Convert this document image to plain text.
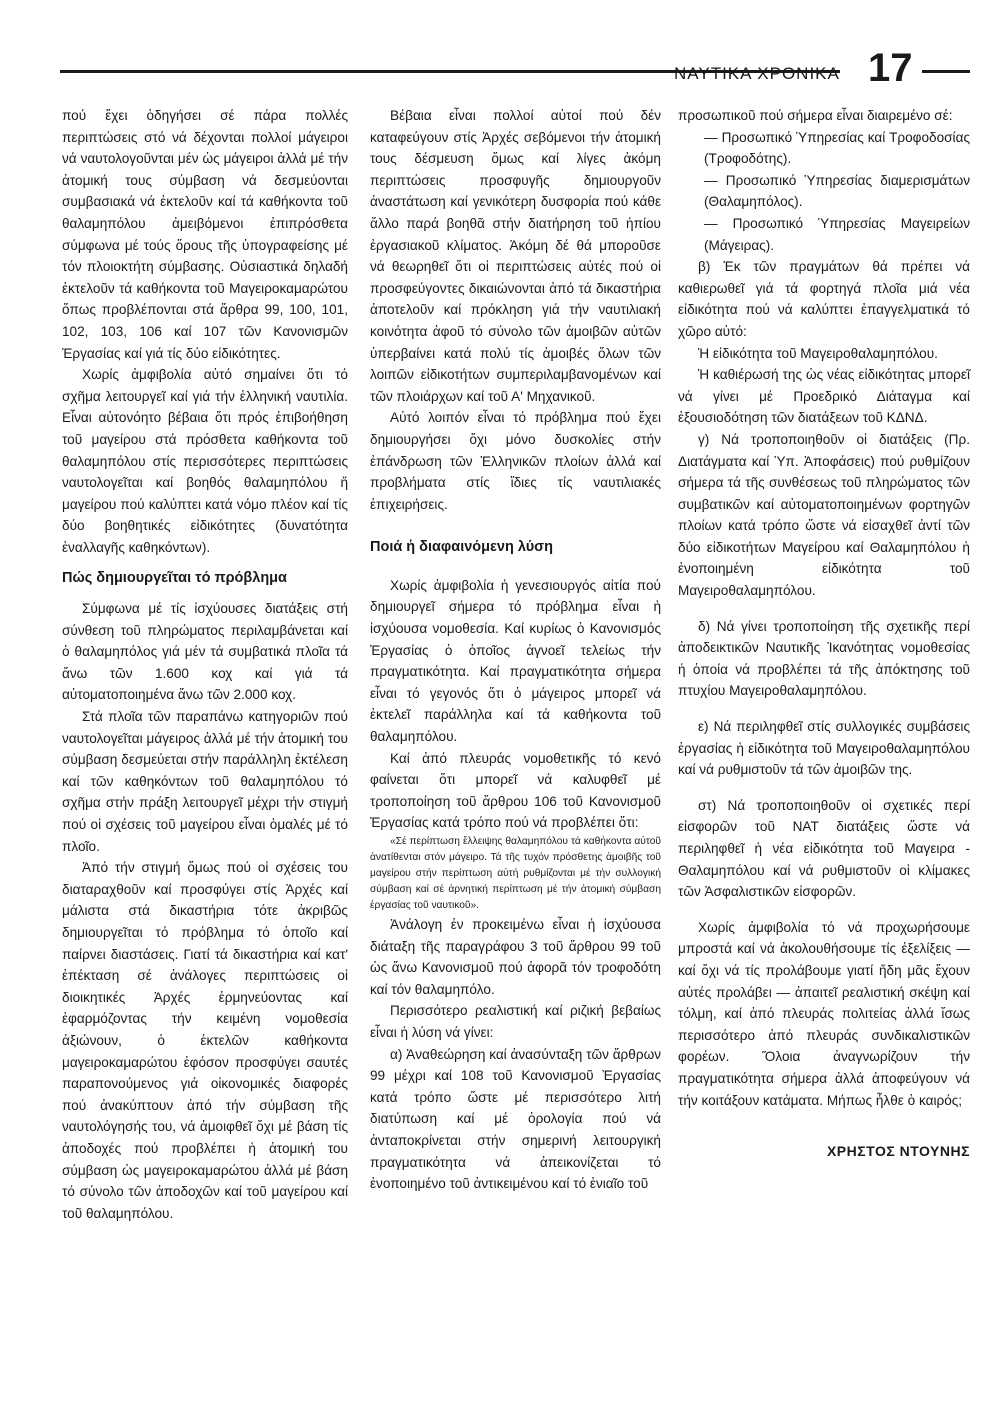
ΝΑΥΤΙΚΑ ΧΡΟΝΙΚΑ 17

πού ἔχει ὁδηγήσει σέ πάρα πολλές περιπτώσεις στό νά δέχονται πολλοί μάγειροι νά ναυτολογοῦνται μέν ὡς μάγειροι ἀλλά μέ τήν ἀτομική τους σύμβαση νά δεσμεύονται συμβασιακά νά ἐκτελοῦν καί τά καθήκοντα τοῦ θαλαμηπόλου ἀμειβόμενοι ἐπιπρόσθετα σύμφωνα μέ τούς ὅρους τῆς ὑπογραφείσης μέ τόν πλοιοκτήτη σύμβασης. Οὐσιαστικά δηλαδή ἐκτελοῦν τά καθήκοντα τοῦ Μαγειροκαμαρώτου ὅπως προβλέπονται στά ἄρθρα 99, 100, 101, 102, 103, 106 καί 107 τῶν Κανονισμῶν Ἐργασίας καί γιά τίς δύο εἰδικότητες.

Χωρίς ἀμφιβολία αὐτό σημαίνει ὅτι τό σχῆμα λειτουργεῖ καί γιά τήν ἑλληνική ναυτιλία. Εἶναι αὐτονόητο βέβαια ὅτι πρός ἐπιβοήθηση τοῦ μαγείρου στά πρόσθετα καθήκοντα τοῦ θαλαμηπόλου στίς περισσότερες περιπτώσεις ναυτολογεῖται καί βοηθός θαλαμηπόλου ἤ μαγείρου πού καλύπτει κατά νόμο πλέον καί τίς δύο βοηθητικές εἰδικότητες (δυνατότητα ἐναλλαγῆς καθηκόντων).

Πώς δημιουργεῖται τό πρόβλημα

Σύμφωνα μέ τίς ἰσχύουσες διατάξεις στή σύνθεση τοῦ πληρώματος περιλαμβάνεται καί ὁ θαλαμηπόλος γιά μέν τά συμβατικά πλοῖα τά ἄνω τῶν 1.600 κοχ καί γιά τά αὐτοματοποιημένα ἄνω τῶν 2.000 κοχ.

Στά πλοῖα τῶν παραπάνω κατηγοριῶν πού ναυτολογεῖται μάγειρος ἀλλά μέ τήν ἀτομική του σύμβαση δεσμεύεται στήν παράλληλη ἐκτέλεση καί τῶν καθηκόντων τοῦ θαλαμηπόλου τό σχῆμα στήν πράξη λειτουργεῖ μέχρι τήν στιγμή πού οἱ σχέσεις τοῦ μαγείρου εἶναι ὁμαλές μέ τό πλοῖο.

Ἀπό τήν στιγμή ὅμως πού οἱ σχέσεις του διαταραχθοῦν καί προσφύγει στίς Ἀρχές καί μάλιστα στά δικαστήρια τότε ἀκριβῶς δημιουργεῖται τό πρόβλημα τό ὁποῖο καί παίρνει διαστάσεις. Γιατί τά δικαστήρια καί κατ' ἐπέκταση σέ ἀνάλογες περιπτώσεις οἱ διοικητικές Ἀρχές ἑρμηνεύοντας καί ἐφαρμόζοντας τήν κειμένη νομοθεσία ἀξιώνουν, ὁ ἐκτελῶν καθήκοντα μαγειροκαμαρώτου ἐφόσον προσφύγει σαυτές παραπονούμενος γιά οἰκονομικές διαφορές πού ἀνακύπτουν ἀπό τήν σύμβαση τῆς ναυτολόγησής του, νά ἀμοιφθεῖ ὄχι μέ βάση τίς ἀποδοχές πού προβλέπει ἡ ἀτομική του σύμβαση ὡς μαγειροκαμαρώτου ἀλλά μέ βάση τό σύνολο τῶν ἀποδοχῶν καί τοῦ μαγείρου καί τοῦ θαλαμηπόλου.

Βέβαια εἶναι πολλοί αὐτοί πού δέν καταφεύγουν στίς Ἀρχές σεβόμενοι τήν ἀτομική τους δέσμευση ὅμως καί λίγες ἀκόμη περιπτώσεις προσφυγῆς δημιουργοῦν ἀναστάτωση καί γενικότερη δυσφορία πού κάθε ἄλλο παρά βοηθᾶ στήν διατήρηση τοῦ ἠπίου ἐργασιακοῦ κλίματος. Ἀκόμη δέ θά μποροῦσε νά θεωρηθεῖ ὅτι οἱ περιπτώσεις αὐτές πού οἱ προσφεύγοντες δικαιώνονται ἀπό τά δικαστήρια ἀποτελοῦν καί πρόκληση γιά τήν ναυτιλιακή κοινότητα ἀφοῦ τό σύνολο τῶν ἀμοιβῶν αὐτῶν ὑπερβαίνει κατά πολύ τίς ἀμοιβές ὅλων τῶν λοιπῶν εἰδικοτήτων συμπεριλαμβανομένων καί τῶν πλοιάρχων καί τοῦ Α' Μηχανικοῦ.

Αὐτό λοιπόν εἶναι τό πρόβλημα πού ἔχει δημιουργήσει ὄχι μόνο δυσκολίες στήν ἐπάνδρωση τῶν Ἑλληνικῶν πλοίων ἀλλά καί προβλήματα στίς ἴδιες τίς ναυτιλιακές ἐπιχειρήσεις.

Ποιά ἡ διαφαινόμενη λύση

Χωρίς ἀμφιβολία ἡ γενεσιουργός αἰτία πού δημιουργεῖ σήμερα τό πρόβλημα εἶναι ἡ ἰσχύουσα νομοθεσία. Καί κυρίως ὁ Κανονισμός Ἐργασίας ὁ ὁποῖος ἀγνοεῖ τελείως τήν πραγματικότητα. Καί πραγματικότητα σήμερα εἶναι τό γεγονός ὅτι ὁ μάγειρος μπορεῖ νά ἐκτελεῖ παράλληλα καί τά καθήκοντα τοῦ θαλαμηπόλου.

Καί ἀπό πλευράς νομοθετικῆς τό κενό φαίνεται ὅτι μπορεῖ νά καλυφθεῖ μέ τροποποίηση τοῦ ἄρθρου 106 τοῦ Κανονισμοῦ Ἐργασίας κατά τρόπο πού νά προβλέπει ὅτι:

«Σέ περίπτωση ἔλλειψης θαλαμηπόλου τά καθήκοντα αὐτοῦ ἀνατίθενται στόν μάγειρο. Τά τῆς τυχόν πρόσθετης ἀμοιβῆς τοῦ μαγείρου στήν περίπτωση αὐτή ρυθμίζονται μέ τήν συλλογική σύμβαση καί σέ ἀρνητική περίπτωση μέ τήν ἀτομική σύμβαση ἐργασίας τοῦ ναυτικοῦ».

Ἀνάλογη ἐν προκειμένω εἶναι ἡ ἰσχύουσα διάταξη τῆς παραγράφου 3 τοῦ ἄρθρου 99 τοῦ ὡς ἄνω Κανονισμοῦ πού ἀφορᾶ τόν τροφοδότη καί τόν θαλαμηπόλο.

Περισσότερο ρεαλιστική καί ριζική βεβαίως εἶναι ἡ λύση νά γίνει:

α) Ἀναθεώρηση καί ἀνασύνταξη τῶν ἄρθρων 99 μέχρι καί 108 τοῦ Κανονισμοῦ Ἐργασίας κατά τρόπο ὥστε μέ περισσότερο λιτή διατύπωση καί μέ ὁρολογία πού νά ἀνταποκρίνεται στήν σημερινή λειτουργική πραγματικότητα νά ἀπεικονίζεται τό ἐνοποιημένο τοῦ ἀντικειμένου καί τό ἑνιαῖο τοῦ

προσωπικοῦ πού σήμερα εἶναι διαιρεμένο σέ:

— Προσωπικό Ὑπηρεσίας καί Τροφοδοσίας (Τροφοδότης).

— Προσωπικό Ὑπηρεσίας διαμερισμάτων (Θαλαμηπόλος).

— Προσωπικό Ὑπηρεσίας Μαγειρείων (Μάγειρας).

β) Ἐκ τῶν πραγμάτων θά πρέπει νά καθιερωθεῖ γιά τά φορτηγά πλοῖα μιά νέα εἰδικότητα πού νά καλύπτει ἐπαγγελματικά τό χῶρο αὐτό:

Ἡ εἰδικότητα τοῦ Μαγειροθαλαμηπόλου.

Ἡ καθιέρωσή της ὡς νέας εἰδικότητας μπορεῖ νά γίνει μέ Προεδρικό Διάταγμα καί ἐξουσιοδότηση τῶν διατάξεων τοῦ ΚΔΝΔ.

γ) Νά τροποποιηθοῦν οἱ διατάξεις (Πρ. Διατάγματα καί Ὑπ. Ἀποφάσεις) πού ρυθμίζουν σήμερα τά τῆς συνθέσεως τοῦ πληρώματος τῶν συμβατικῶν καί αὐτοματοποιημένων φορτηγῶν πλοίων κατά τρόπο ὥστε νά εἰσαχθεῖ ἀντί τῶν δύο εἰδικοτήτων Μαγείρου καί Θαλαμηπόλου ἡ ἐνοποιημένη εἰδικότητα τοῦ Μαγειροθαλαμηπόλου.

δ) Νά γίνει τροποποίηση τῆς σχετικῆς περί ἀποδεικτικῶν Ναυτικῆς Ἱκανότητας νομοθεσίας ἡ ὁποία νά προβλέπει τά τῆς ἀπόκτησης τοῦ πτυχίου Μαγειροθαλαμηπόλου.

ε) Νά περιληφθεῖ στίς συλλογικές συμβάσεις ἐργασίας ἡ εἰδικότητα τοῦ Μαγειροθαλαμηπόλου καί νά ρυθμιστοῦν τά τῶν ἀμοιβῶν της.

στ) Νά τροποποιηθοῦν οἱ σχετικές περί εἰσφορῶν τοῦ ΝΑΤ διατάξεις ὥστε νά περιληφθεῖ ἡ νέα εἰδικότητα τοῦ Μαγειρα - Θαλαμηπόλου καί νά ρυθμιστοῦν οἱ κλίμακες τῶν Ἀσφαλιστικῶν εἰσφορῶν.

Χωρίς ἀμφιβολία τό νά προχωρήσουμε μπροστά καί νά ἀκολουθήσουμε τίς ἐξελίξεις — καί ὄχι νά τίς προλάβουμε γιατί ἤδη μᾶς ἔχουν αὐτές προλάβει — ἀπαιτεῖ ρεαλιστική σκέψη καί τόλμη, καί ἀπό πλευράς πολιτείας ἀλλά ἴσως περισσότερο ἀπό πλευράς συνδικαλιστικῶν φορέων. Ὅλοια ἀναγνωρίζουν τήν πραγματικότητα σήμερα ἀλλά ἀποφεύγουν νά τήν κοιτάξουν κατάματα. Μήπως ἦλθε ὁ καιρός;

ΧΡΗΣΤΟΣ ΝΤΟΥΝΗΣ
